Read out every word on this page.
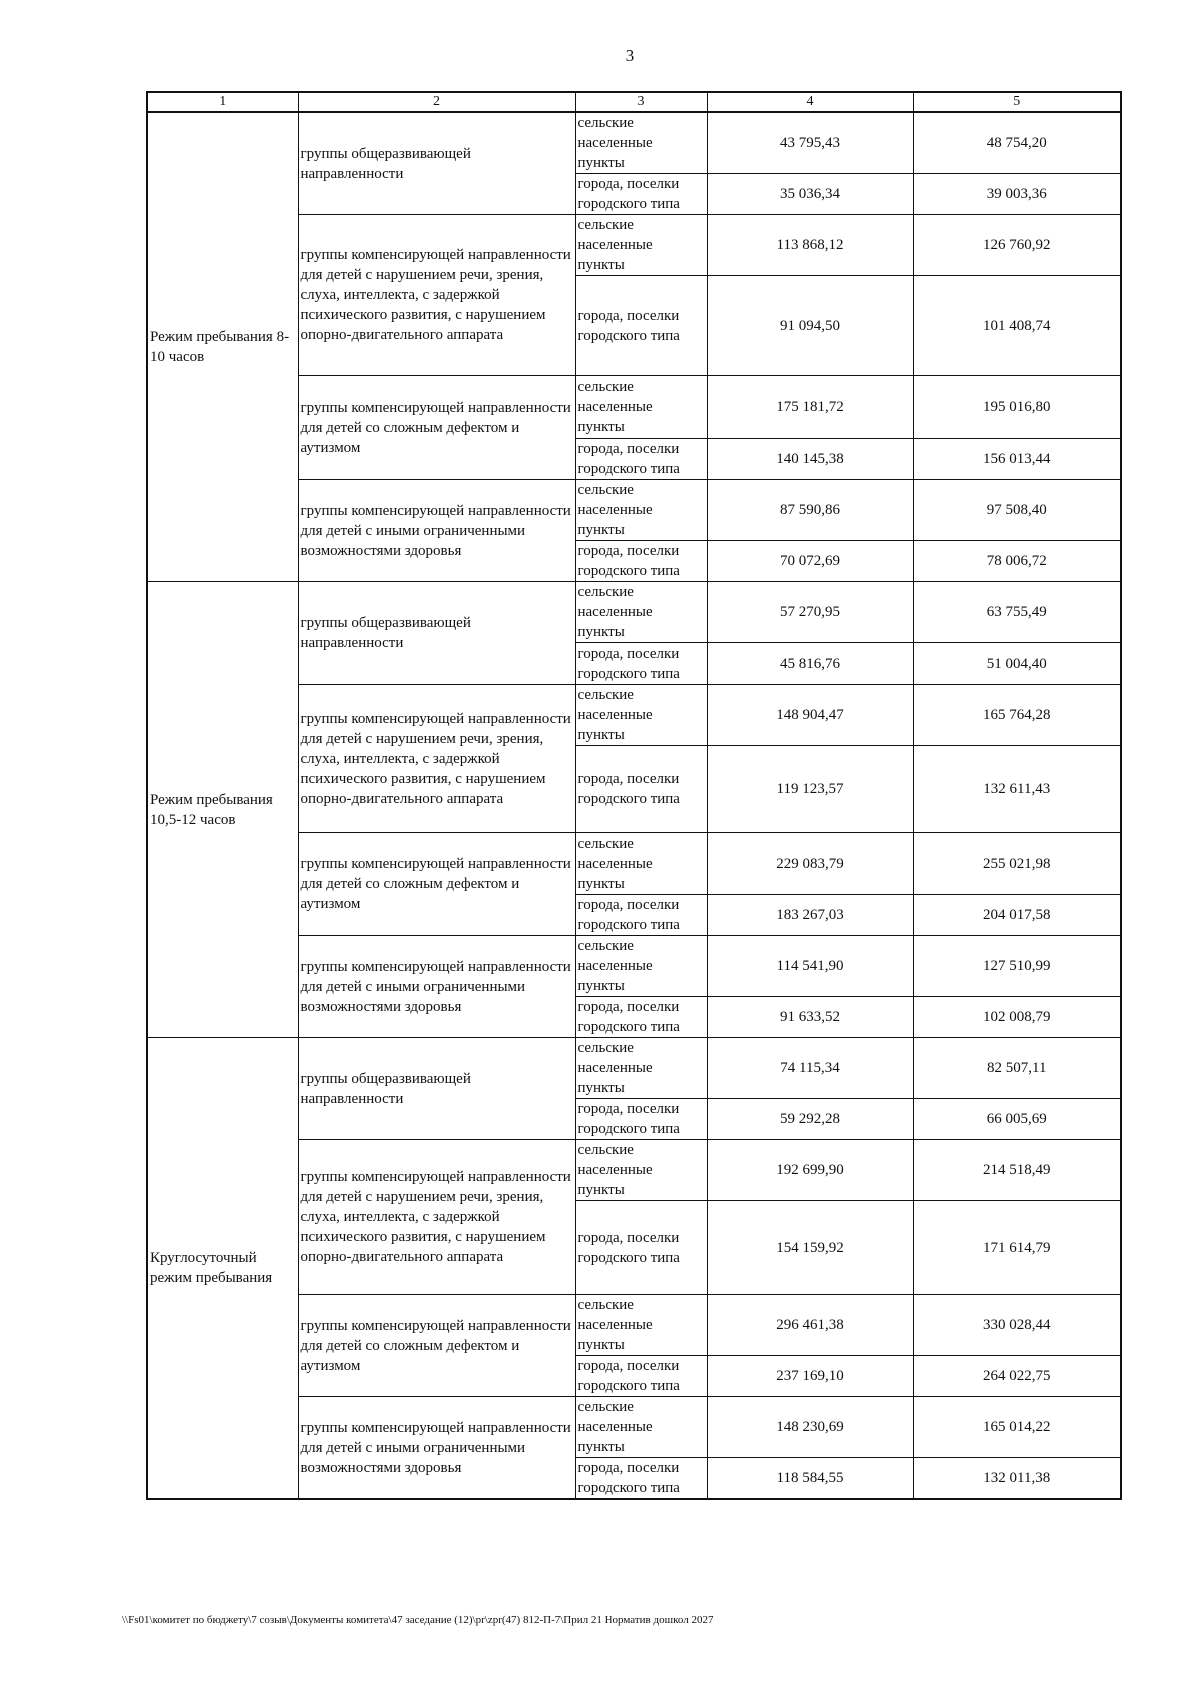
3
1	2	3	4	5
Режим пребывания 8-10 часов	группы общеразвивающей направленности	сельские
населенные
пункты	43 795,43	48 754,20
		города, поселки
городского типа	35 036,34	39 003,36
	группы компенсирующей направленности для детей с нарушением речи, зрения, слуха, интеллекта, с задержкой психического развития, с нарушением опорно-двигательного аппарата	сельские
населенные
пункты	113 868,12	126 760,92
		города, поселки
городского типа	91 094,50	101 408,74
	группы компенсирующей направленности для детей со сложным дефектом и аутизмом	сельские
населенные
пункты	175 181,72	195 016,80
		города, поселки
городского типа	140 145,38	156 013,44
	группы компенсирующей направленности для детей с иными ограниченными возможностями здоровья	сельские
населенные
пункты	87 590,86	97 508,40
		города, поселки
городского типа	70 072,69	78 006,72
Режим пребывания 10,5-12 часов	группы общеразвивающей направленности	сельские
населенные
пункты	57 270,95	63 755,49
		города, поселки
городского типа	45 816,76	51 004,40
	группы компенсирующей направленности для детей с нарушением речи, зрения, слуха, интеллекта, с задержкой психического развития, с нарушением опорно-двигательного аппарата	сельские
населенные
пункты	148 904,47	165 764,28
		города, поселки
городского типа	119 123,57	132 611,43
	группы компенсирующей направленности для детей со сложным дефектом и аутизмом	сельские
населенные
пункты	229 083,79	255 021,98
		города, поселки
городского типа	183 267,03	204 017,58
	группы компенсирующей направленности для детей с иными ограниченными возможностями здоровья	сельские
населенные
пункты	114 541,90	127 510,99
		города, поселки
городского типа	91 633,52	102 008,79
Круглосуточный режим пребывания	группы общеразвивающей направленности	сельские
населенные
пункты	74 115,34	82 507,11
		города, поселки
городского типа	59 292,28	66 005,69
	группы компенсирующей направленности для детей с нарушением речи, зрения, слуха, интеллекта, с задержкой психического развития, с нарушением опорно-двигательного аппарата	сельские
населенные
пункты	192 699,90	214 518,49
		города, поселки
городского типа	154 159,92	171 614,79
	группы компенсирующей направленности для детей со сложным дефектом и аутизмом	сельские
населенные
пункты	296 461,38	330 028,44
		города, поселки
городского типа	237 169,10	264 022,75
	группы компенсирующей направленности для детей с иными ограниченными возможностями здоровья	сельские
населенные
пункты	148 230,69	165 014,22
		города, поселки
городского типа	118 584,55	132 011,38
\\Fs01\комитет по бюджету\7 созыв\Документы комитета\47 заседание (12)\pr\zpr(47) 812-П-7\Прил 21 Норматив дошкол 2027
